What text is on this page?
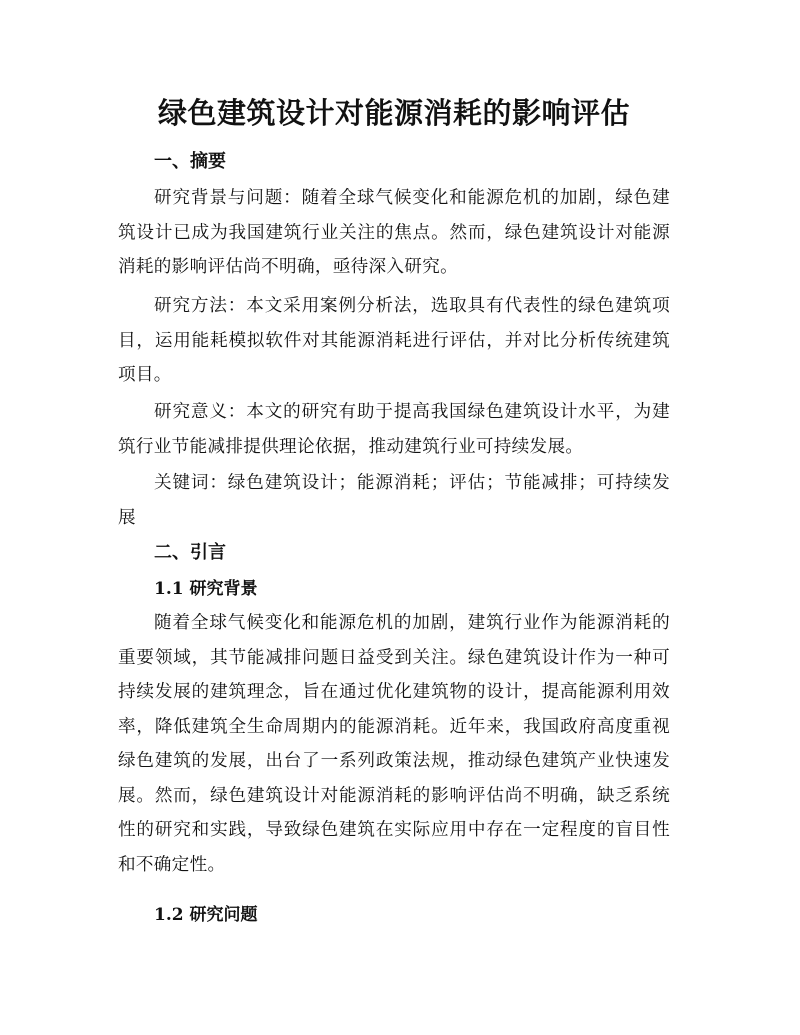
绿色建筑设计对能源消耗的影响评估
一、摘要

研究背景与问题：随着全球气候变化和能源危机的加剧，绿色建筑设计已成为我国建筑行业关注的焦点。然而，绿色建筑设计对能源消耗的影响评估尚不明确，亟待深入研究。

研究方法：本文采用案例分析法，选取具有代表性的绿色建筑项目，运用能耗模拟软件对其能源消耗进行评估，并对比分析传统建筑项目。

研究意义：本文的研究有助于提高我国绿色建筑设计水平，为建筑行业节能减排提供理论依据，推动建筑行业可持续发展。

关键词：绿色建筑设计；能源消耗；评估；节能减排；可持续发展

二、引言
1.1 研究背景

随着全球气候变化和能源危机的加剧，建筑行业作为能源消耗的重要领域，其节能减排问题日益受到关注。绿色建筑设计作为一种可持续发展的建筑理念，旨在通过优化建筑物的设计，提高能源利用效率，降低建筑全生命周期内的能源消耗。近年来，我国政府高度重视绿色建筑的发展，出台了一系列政策法规，推动绿色建筑产业快速发展。然而，绿色建筑设计对能源消耗的影响评估尚不明确，缺乏系统性的研究和实践，导致绿色建筑在实际应用中存在一定程度的盲目性和不确定性。

1.2 研究问题
